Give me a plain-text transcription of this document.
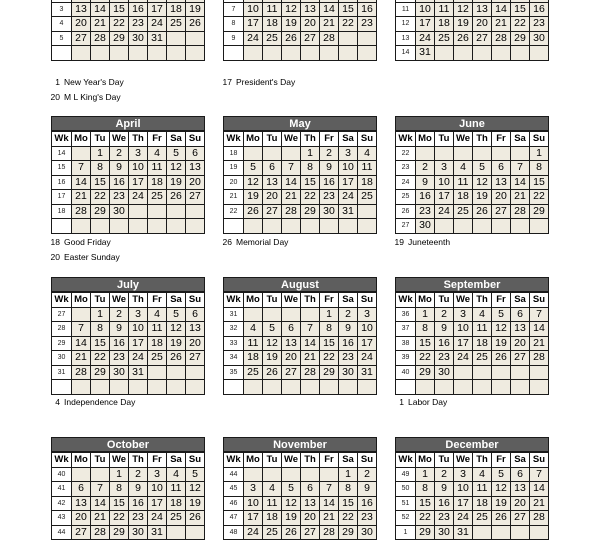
3	13	14	15	16	17	18	19
4	20	21	22	23	24	25	26
5	27	28	29	30	31		

7	10	11	12	13	14	15	16
8	17	18	19	20	21	22	23
9	24	25	26	27	28		

11	10	11	12	13	14	15	16
12	17	18	19	20	21	22	23
13	24	25	26	27	28	29	30
14	31						
April
Wk	Mo	Tu	We	Th	Fr	Sa	Su
14		1	2	3	4	5	6
15	7	8	9	10	11	12	13
16	14	15	16	17	18	19	20
17	21	22	23	24	25	26	27
18	28	29	30				

May
Wk	Mo	Tu	We	Th	Fr	Sa	Su
18				1	2	3	4
19	5	6	7	8	9	10	11
20	12	13	14	15	16	17	18
21	19	20	21	22	23	24	25
22	26	27	28	29	30	31	

June
Wk	Mo	Tu	We	Th	Fr	Sa	Su
22							1
23	2	3	4	5	6	7	8
24	9	10	11	12	13	14	15
25	16	17	18	19	20	21	22
26	23	24	25	26	27	28	29
27	30						
July
Wk	Mo	Tu	We	Th	Fr	Sa	Su
27		1	2	3	4	5	6
28	7	8	9	10	11	12	13
29	14	15	16	17	18	19	20
30	21	22	23	24	25	26	27
31	28	29	30	31			

August
Wk	Mo	Tu	We	Th	Fr	Sa	Su
31					1	2	3
32	4	5	6	7	8	9	10
33	11	12	13	14	15	16	17
34	18	19	20	21	22	23	24
35	25	26	27	28	29	30	31

September
Wk	Mo	Tu	We	Th	Fr	Sa	Su
36	1	2	3	4	5	6	7
37	8	9	10	11	12	13	14
38	15	16	17	18	19	20	21
39	22	23	24	25	26	27	28
40	29	30					

October
Wk	Mo	Tu	We	Th	Fr	Sa	Su
40			1	2	3	4	5
41	6	7	8	9	10	11	12
42	13	14	15	16	17	18	19
43	20	21	22	23	24	25	26
44	27	28	29	30	31		
November
Wk	Mo	Tu	We	Th	Fr	Sa	Su
44						1	2
45	3	4	5	6	7	8	9
46	10	11	12	13	14	15	16
47	17	18	19	20	21	22	23
48	24	25	26	27	28	29	30
December
Wk	Mo	Tu	We	Th	Fr	Sa	Su
49	1	2	3	4	5	6	7
50	8	9	10	11	12	13	14
51	15	16	17	18	19	20	21
52	22	23	24	25	26	27	28
1	29	30	31				
1 New Year's Day
20 M L King's Day
17 President's Day
18 Good Friday
20 Easter Sunday
26 Memorial Day	19 Juneteenth
4 Independence Day	1 Labor Day
